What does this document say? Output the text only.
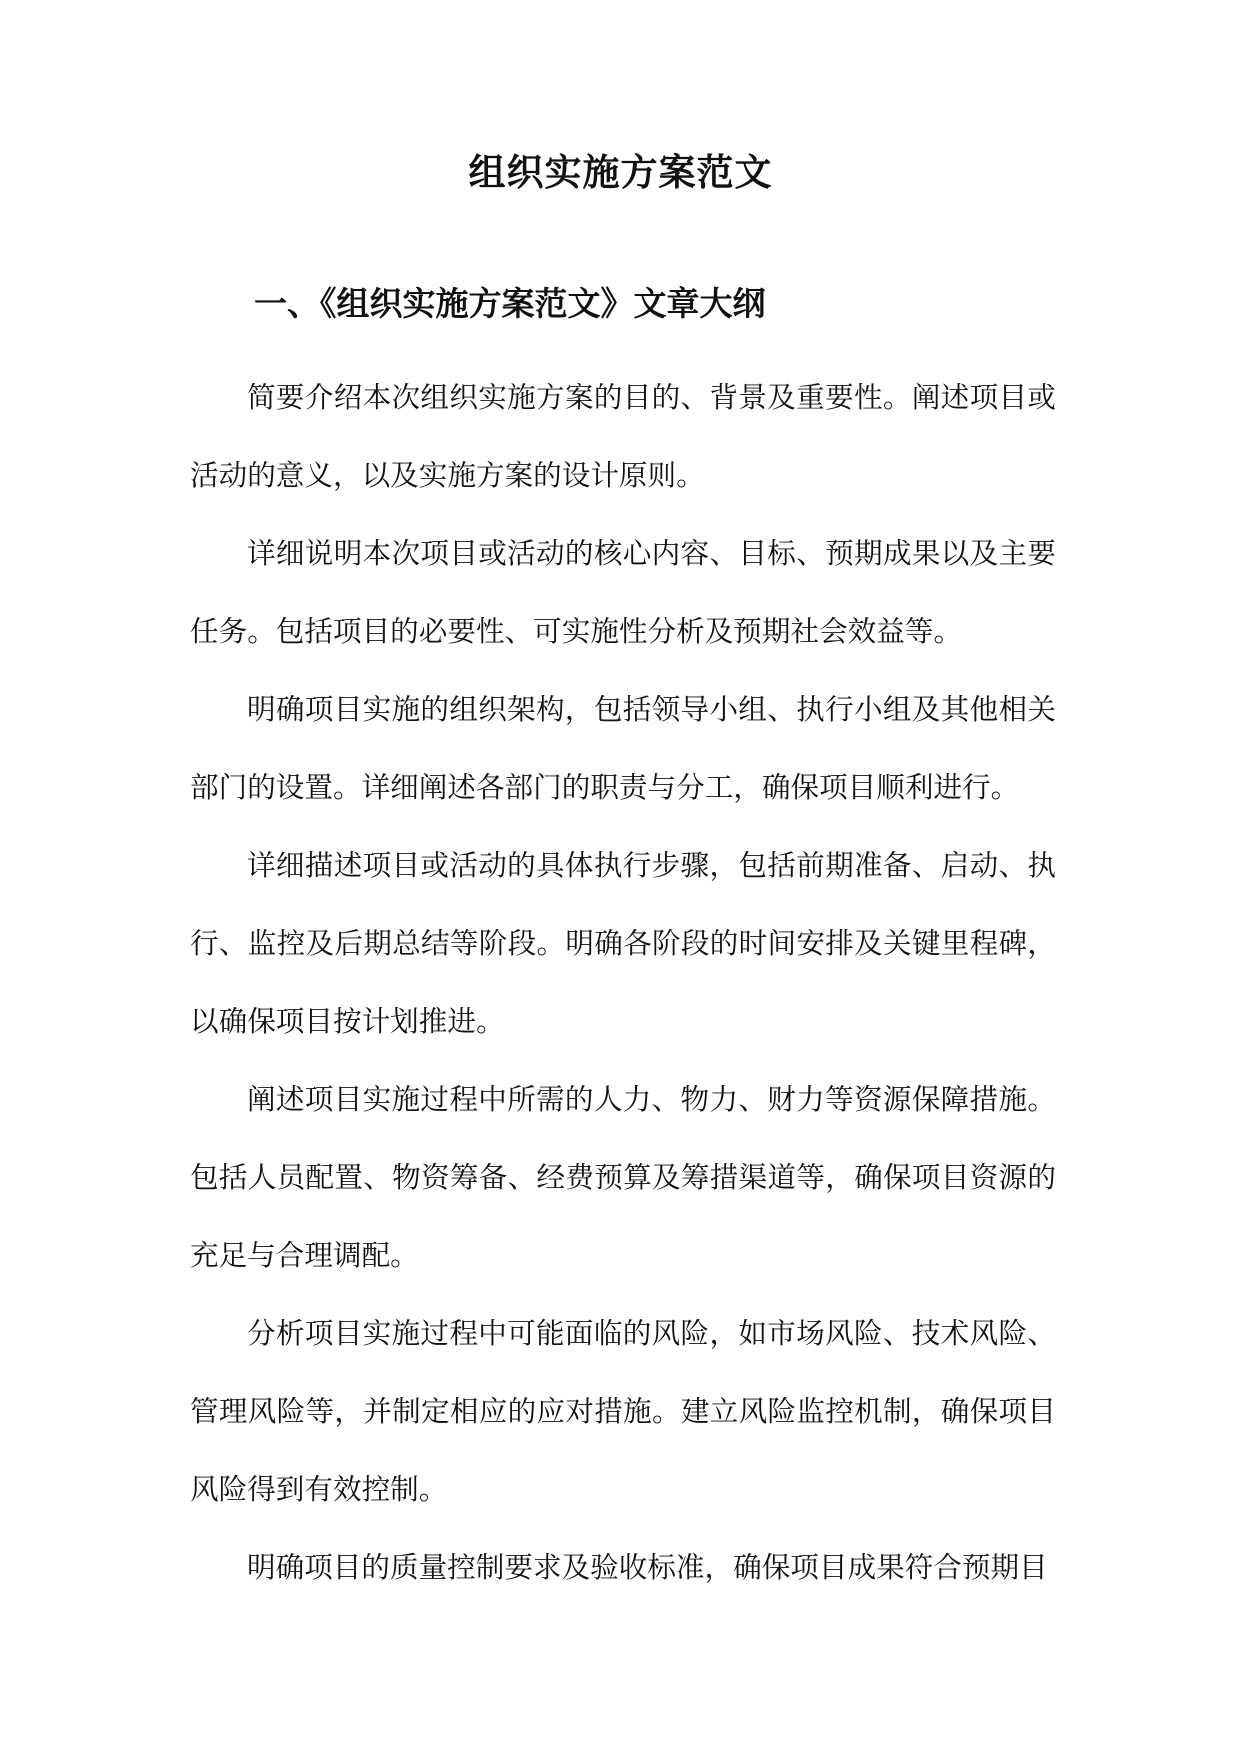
组织实施方案范文
一、《组织实施方案范文》文章大纲

简要介绍本次组织实施方案的目的、背景及重要性。阐述项目或活动的意义，以及实施方案的设计原则。

详细说明本次项目或活动的核心内容、目标、预期成果以及主要任务。包括项目的必要性、可实施性分析及预期社会效益等。

明确项目实施的组织架构，包括领导小组、执行小组及其他相关部门的设置。详细阐述各部门的职责与分工，确保项目顺利进行。

详细描述项目或活动的具体执行步骤，包括前期准备、启动、执行、监控及后期总结等阶段。明确各阶段的时间安排及关键里程碑，以确保项目按计划推进。

阐述项目实施过程中所需的人力、物力、财力等资源保障措施。包括人员配置、物资筹备、经费预算及筹措渠道等，确保项目资源的充足与合理调配。

分析项目实施过程中可能面临的风险，如市场风险、技术风险、管理风险等，并制定相应的应对措施。建立风险监控机制，确保项目风险得到有效控制。

明确项目的质量控制要求及验收标准，确保项目成果符合预期目
